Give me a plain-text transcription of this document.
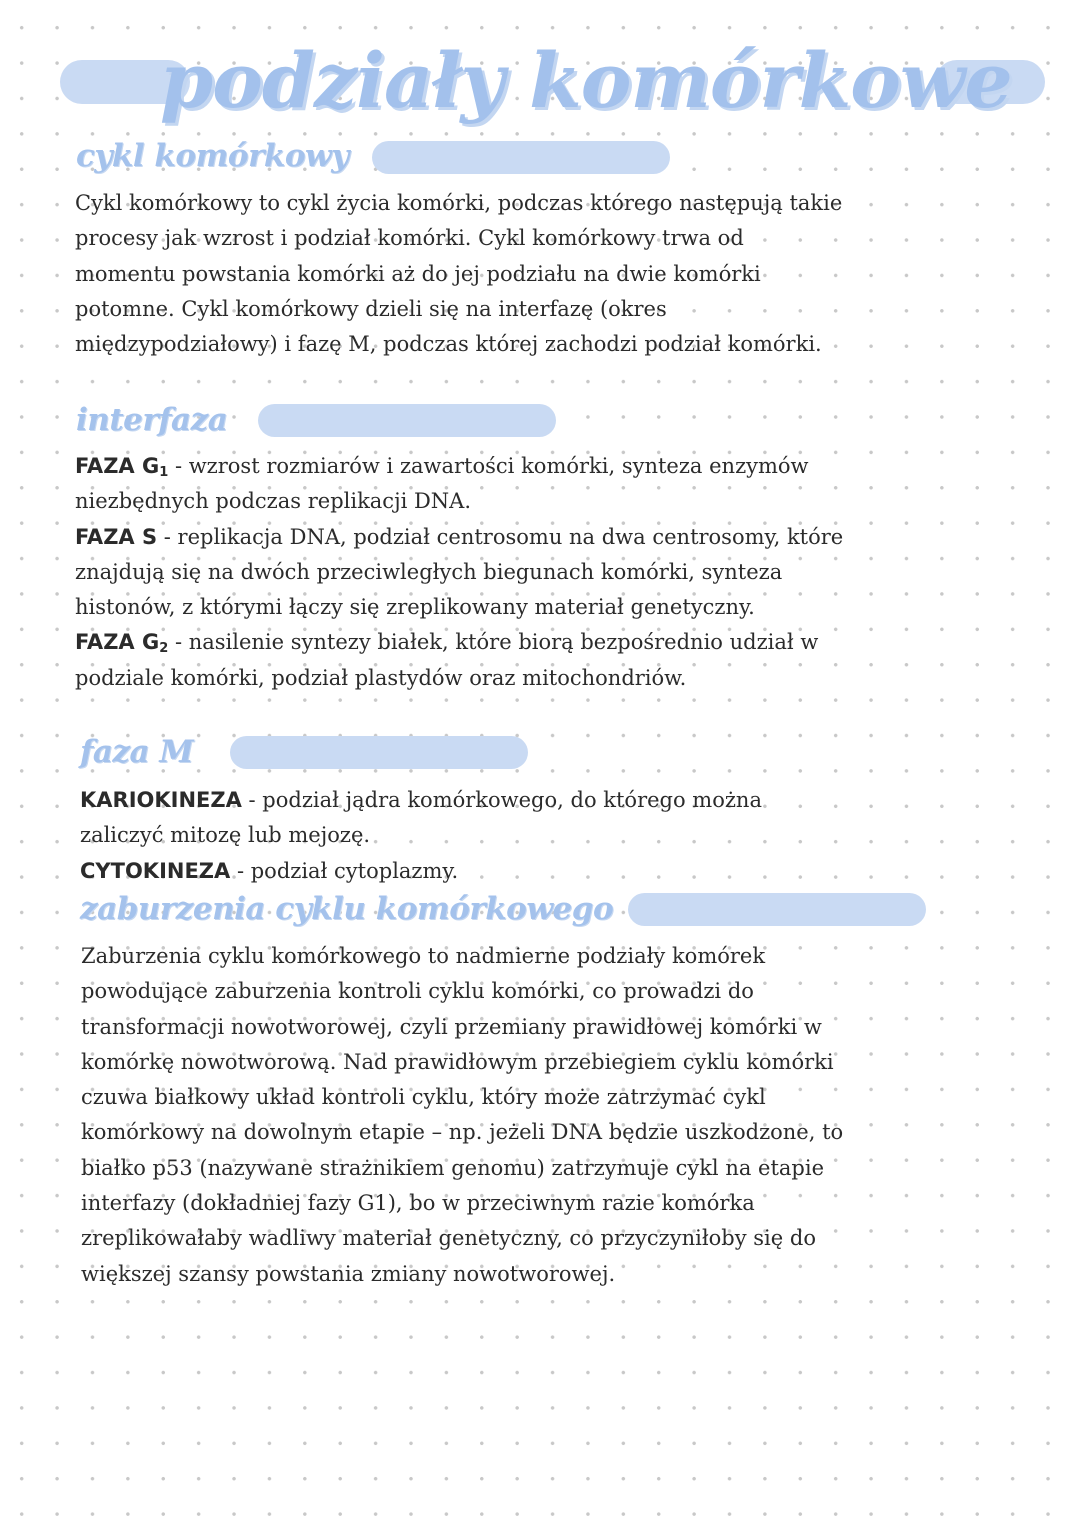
podziały komórkowe
cykl komórkowy

Cykl komórkowy to cykl życia komórki, podczas którego następują takie procesy jak wzrost i podział komórki. Cykl komórkowy trwa od momentu powstania komórki aż do jej podziału na dwie komórki potomne. Cykl komórkowy dzieli się na interfazę (okres międzypodziałowy) i fazę M, podczas której zachodzi podział komórki.

interfaza

FAZA $G_1$ - wzrost rozmiarów i zawartości komórki, synteza enzymów niezbędnych podczas replikacji DNA.

FAZA S - replikacja DNA, podział centrosomu na dwa centrosomy, które znajdują się na dwóch przeciwległych biegunach komórki, synteza histonów, z którymi łączy się zreplikowany materiał genetyczny.

FAZA $G_2$ - nasilenie syntezy białek, które biorą bezpośrednio udział w podziale komórki, podział plastydów oraz mitochondriów.

faza M

KARIOKINEZA - podział jądra komórkowego, do którego można zaliczyć mitozę lub mejozę.

CYTOKINEZA - podział cytoplazmy.

zaburzenia cyklu komórkowego

Zaburzenia cyklu komórkowego to nadmierne podziały komórek powodujące zaburzenia kontroli cyklu komórki, co prowadzi do transformacji nowotworowej, czyli przemiany prawidłowej komórki w komórkę nowotworową. Nad prawidłowym przebiegiem cyklu komórki czuwa białkowy układ kontroli cyklu, który może zatrzymać cykl komórkowy na dowolnym etapie – np. jeżeli DNA będzie uszkodzone, to białko p53 (nazywane strażnikiem genomu) zatrzymuje cykl na etapie interfazy (dokładniej fazy G1), bo w przeciwnym razie komórka zreplikowałaby wadliwy materiał genetyczny, co przyczyniłoby się do większej szansy powstania zmiany nowotworowej.
